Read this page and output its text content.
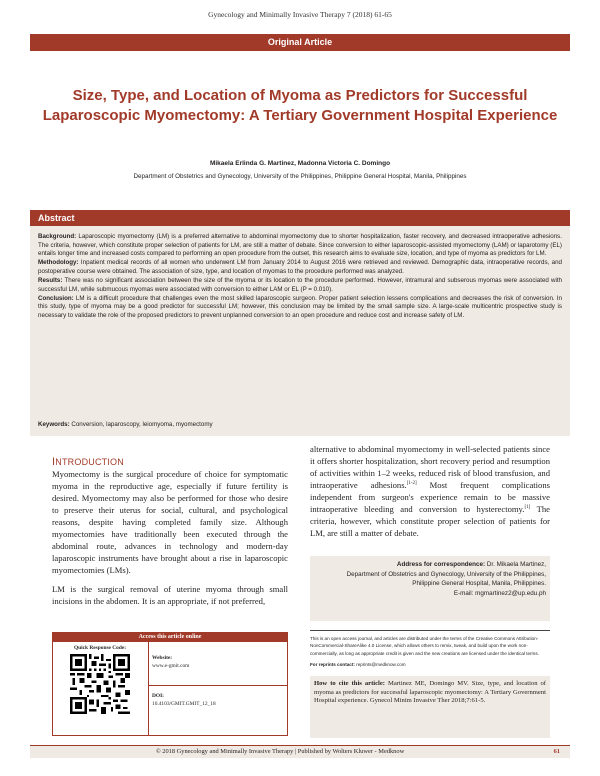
Gynecology and Minimally Invasive Therapy 7 (2018) 61-65
Original Article
Size, Type, and Location of Myoma as Predictors for Successful Laparoscopic Myomectomy: A Tertiary Government Hospital Experience
Mikaela Erlinda G. Martinez, Madonna Victoria C. Domingo
Department of Obstetrics and Gynecology, University of the Philippines, Philippine General Hospital, Manila, Philippines
Abstract

Background: Laparoscopic myomectomy (LM) is a preferred alternative to abdominal myomectomy due to shorter hospitalization, faster recovery, and decreased intraoperative adhesions. The criteria, however, which constitute proper selection of patients for LM, are still a matter of debate. Since conversion to either laparoscopic-assisted myomectomy (LAM) or laparotomy (EL) entails longer time and increased costs compared to performing an open procedure from the outset, this research aims to evaluate size, location, and type of myoma as predictors for LM.

Methodology: Inpatient medical records of all women who underwent LM from January 2014 to August 2016 were retrieved and reviewed. Demographic data, intraoperative records, and postoperative course were obtained. The association of size, type, and location of myomas to the procedure performed was analyzed.

Results: There was no significant association between the size of the myoma or its location to the procedure performed. However, intramural and subserous myomas were associated with successful LM, while submucous myomas were associated with conversion to either LAM or EL (P = 0.010).

Conclusion: LM is a difficult procedure that challenges even the most skilled laparoscopic surgeon. Proper patient selection lessens complications and decreases the risk of conversion. In this study, type of myoma may be a good predictor for successful LM; however, this conclusion may be limited by the small sample size. A large-scale multicentric prospective study is necessary to validate the role of the proposed predictors to prevent unplanned conversion to an open procedure and reduce cost and increase safety of LM.

Keywords: Conversion, laparoscopy, leiomyoma, myomectomy
INTRODUCTION

Myomectomy is the surgical procedure of choice for symptomatic myoma in the reproductive age, especially if future fertility is desired. Myomectomy may also be performed for those who desire to preserve their uterus for social, cultural, and psychological reasons, despite having completed family size. Although myomectomies have traditionally been executed through the abdominal route, advances in technology and modern-day laparoscopic instruments have brought about a rise in laparoscopic myomectomies (LMs).

LM is the surgical removal of uterine myoma through small incisions in the abdomen. It is an appropriate, if not preferred,

alternative to abdominal myomectomy in well-selected patients since it offers shorter hospitalization, short recovery period and resumption of activities within 1–2 weeks, reduced risk of blood transfusion, and intraoperative adhesions.[1-2] Most frequent complications independent from surgeon's experience remain to be massive intraoperative bleeding and conversion to hysterectomy.[1] The criteria, however, which constitute proper selection of patients for LM, are still a matter of debate.
Address for correspondence: Dr. Mikaela Martinez,
Department of Obstetrics and Gynecology, University of the Philippines,
Philippine General Hospital, Manila, Philippines.
E-mail: mgmartinez2@up.edu.ph
This is an open access journal, and articles are distributed under the terms of the Creative Commons Attribution-NonCommercial-ShareAlike 4.0 License, which allows others to remix, tweak, and build upon the work non-commercially, as long as appropriate credit is given and the new creations are licensed under the identical terms.
For reprints contact: reprints@medknow.com
How to cite this article: Martinez ME, Domingo MV. Size, type, and location of myoma as predictors for successful laparoscopic myomectomy: A Tertiary Government Hospital experience. Gynecol Minim Invasive Ther 2018;7:61-5.
Access this article online
Quick Response Code:
Website:
www.e-gmit.com
DOI:
10.4103/GMIT.GMIT_12_18
© 2018 Gynecology and Minimally Invasive Therapy | Published by Wolters Kluwer - Medknow	61
